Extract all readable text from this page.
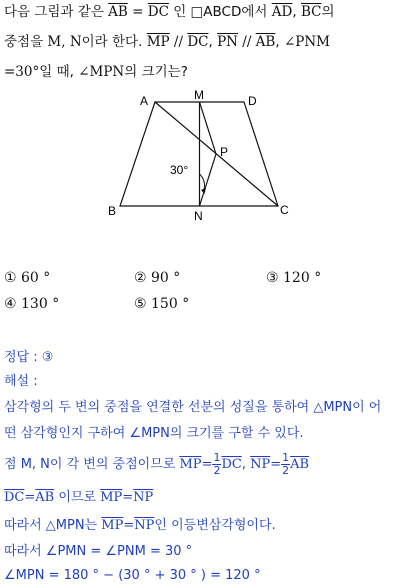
다음 그림과 같은 $\overline{AB} = \overline{DC}$ 인 □ABCD에서 $\overline{AD}$, $\overline{BC}$의
중점을 M, N이라 한다. $\overline{MP} // \overline{DC}$, $\overline{PN} // \overline{AB}$, ∠PNM
=30°일 때, ∠MPN의 크기는?
A	M	D
B	N	C
P
30°
① 60 °	② 90 °	③ 120 °
④ 130 °	⑤ 150 °
정답 : ③
해설 :
삼각형의 두 변의 중점을 연결한 선분의 성질을 통하여 △MPN이 어
떤 삼각형인지 구하여 ∠MPN의 크기를 구할 수 있다.
점 M, N이 각 변의 중점이므로 $\overline{MP}= \frac{1}{2} \overline{DC}$, $\overline{NP}= \frac{1}{2} \overline{AB}$
$\overline{DC}=\overline{AB}$ 이므로 $\overline{MP}=\overline{NP}$
따라서 △MPN는 $\overline{MP}=\overline{NP}$인 이등변삼각형이다.
따라서 ∠PMN = ∠PNM = 30 °
∠MPN = 180 ° − (30 ° + 30 ° ) = 120 °
